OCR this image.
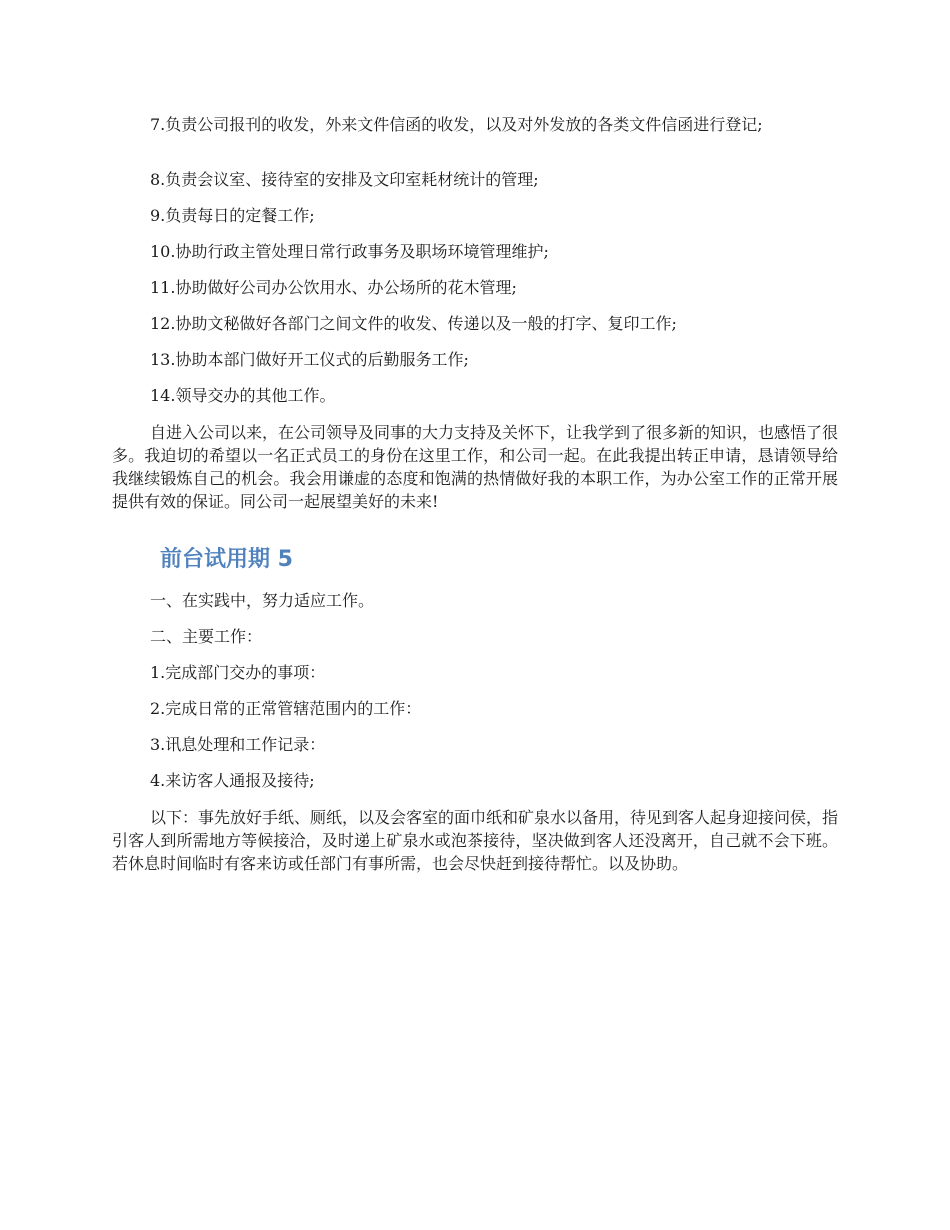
7.负责公司报刊的收发，外来文件信函的收发，以及对外发放的各类文件信函进行登记;

8.负责会议室、接待室的安排及文印室耗材统计的管理;
9.负责每日的定餐工作;
10.协助行政主管处理日常行政事务及职场环境管理维护;
11.协助做好公司办公饮用水、办公场所的花木管理;
12.协助文秘做好各部门之间文件的收发、传递以及一般的打字、复印工作;
13.协助本部门做好开工仪式的后勤服务工作;
14.领导交办的其他工作。

自进入公司以来，在公司领导及同事的大力支持及关怀下，让我学到了很多新的知识，也感悟了很多。我迫切的希望以一名正式员工的身份在这里工作，和公司一起。在此我提出转正申请，恳请领导给我继续锻炼自己的机会。我会用谦虚的态度和饱满的热情做好我的本职工作，为办公室工作的正常开展提供有效的保证。同公司一起展望美好的未来!

前台试用期 5
一、在实践中，努力适应工作。
二、主要工作：
1.完成部门交办的事项：
2.完成日常的正常管辖范围内的工作：
3.讯息处理和工作记录：
4.来访客人通报及接待;

以下：事先放好手纸、厕纸，以及会客室的面巾纸和矿泉水以备用，待见到客人起身迎接问侯，指引客人到所需地方等候接洽，及时递上矿泉水或泡茶接待，坚决做到客人还没离开，自己就不会下班。若休息时间临时有客来访或任部门有事所需，也会尽快赶到接待帮忙。以及协助。
